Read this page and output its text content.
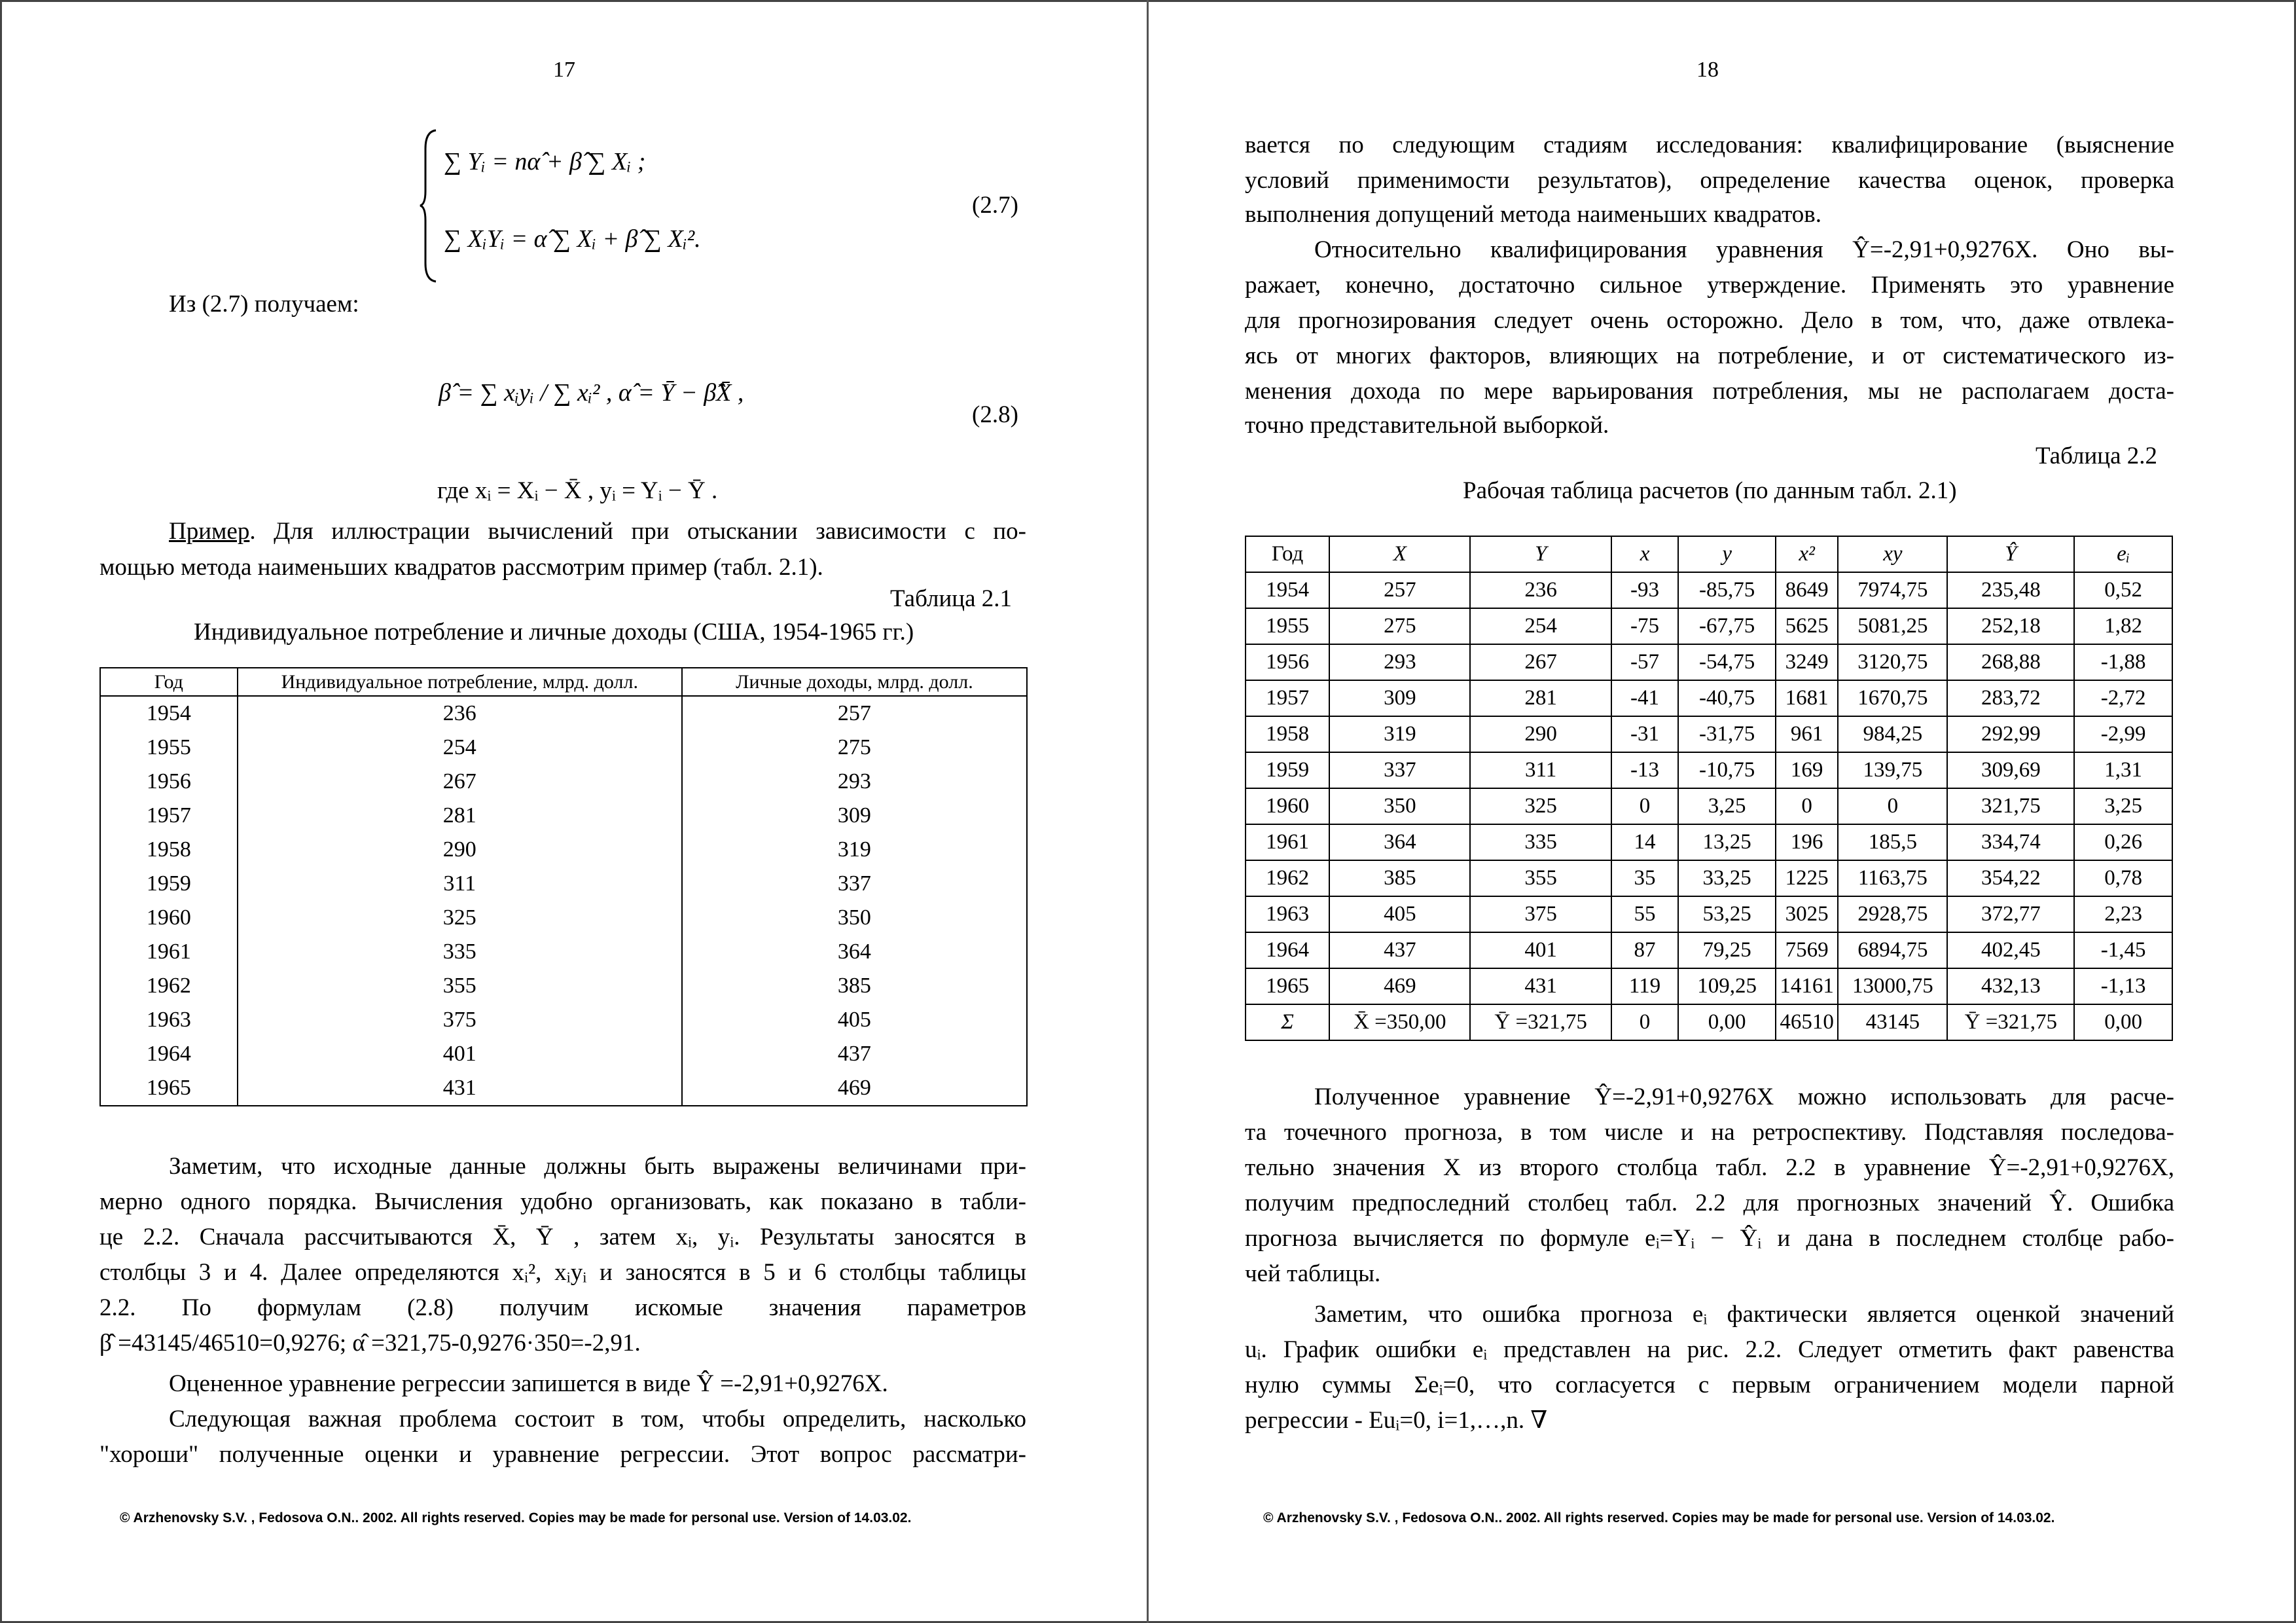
17
∑ Yᵢ = nα̂ + β̂ ∑ Xᵢ ;
∑ XᵢYᵢ = α̂ ∑ Xᵢ + β̂ ∑ Xᵢ².
(2.7)
Из (2.7) получаем:
β̂ = ∑ xᵢyᵢ / ∑ xᵢ² , α̂ = Ȳ − β̂X̄ ,
(2.8)
где xᵢ = Xᵢ − X̄ , yᵢ = Yᵢ − Ȳ .
Пример. Для иллюстрации вычислений при отыскании зависимости с по-
мощью метода наименьших квадратов рассмотрим пример (табл. 2.1).
Таблица 2.1
Индивидуальное потребление и личные доходы (США, 1954-1965 гг.)
Год	Индивидуальное потребление, млрд. долл.	Личные доходы, млрд. долл.
1954	236	257
1955	254	275
1956	267	293
1957	281	309
1958	290	319
1959	311	337
1960	325	350
1961	335	364
1962	355	385
1963	375	405
1964	401	437
1965	431	469
Заметим, что исходные данные должны быть выражены величинами при-
мерно одного порядка. Вычисления удобно организовать, как показано в табли-
це 2.2. Сначала рассчитываются X̄, Ȳ , затем xᵢ, yᵢ. Результаты заносятся в
столбцы 3 и 4. Далее определяются xᵢ², xᵢyᵢ и заносятся в 5 и 6 столбцы таблицы
2.2. По формулам (2.8) получим искомые значения параметров
β̂ =43145/46510=0,9276; α̂ =321,75-0,9276·350=-2,91.
Оцененное уравнение регрессии запишется в виде Ŷ =-2,91+0,9276X.
Следующая важная проблема состоит в том, чтобы определить, насколько
"хороши" полученные оценки и уравнение регрессии. Этот вопрос рассматри-
© Arzhenovsky S.V. , Fedosova O.N.. 2002. All rights reserved. Copies may be made for personal use. Version of 14.03.02.
18
вается по следующим стадиям исследования: квалифицирование (выяснение
условий применимости результатов), определение качества оценок, проверка
выполнения допущений метода наименьших квадратов.
Относительно квалифицирования уравнения Ŷ=-2,91+0,9276X. Оно вы-
ражает, конечно, достаточно сильное утверждение. Применять это уравнение
для прогнозирования следует очень осторожно. Дело в том, что, даже отвлека-
ясь от многих факторов, влияющих на потребление, и от систематического из-
менения дохода по мере варьирования потребления, мы не располагаем доста-
точно представительной выборкой.
Таблица 2.2
Рабочая таблица расчетов (по данным табл. 2.1)
Год	X	Y	x	y	x²	xy	Ŷ	eᵢ
1954	257	236	-93	-85,75	8649	7974,75	235,48	0,52
1955	275	254	-75	-67,75	5625	5081,25	252,18	1,82
1956	293	267	-57	-54,75	3249	3120,75	268,88	-1,88
1957	309	281	-41	-40,75	1681	1670,75	283,72	-2,72
1958	319	290	-31	-31,75	961	984,25	292,99	-2,99
1959	337	311	-13	-10,75	169	139,75	309,69	1,31
1960	350	325	0	3,25	0	0	321,75	3,25
1961	364	335	14	13,25	196	185,5	334,74	0,26
1962	385	355	35	33,25	1225	1163,75	354,22	0,78
1963	405	375	55	53,25	3025	2928,75	372,77	2,23
1964	437	401	87	79,25	7569	6894,75	402,45	-1,45
1965	469	431	119	109,25	14161	13000,75	432,13	-1,13
Σ	X̄ =350,00	Ȳ =321,75	0	0,00	46510	43145	Ȳ =321,75	0,00
Полученное уравнение Ŷ=-2,91+0,9276X можно использовать для расче-
та точечного прогноза, в том числе и на ретроспективу. Подставляя последова-
тельно значения X из второго столбца табл. 2.2 в уравнение Ŷ=-2,91+0,9276X,
получим предпоследний столбец табл. 2.2 для прогнозных значений Ŷ. Ошибка
прогноза вычисляется по формуле eᵢ=Yᵢ − Ŷᵢ и дана в последнем столбце рабо-
чей таблицы.
Заметим, что ошибка прогноза eᵢ фактически является оценкой значений
uᵢ. График ошибки eᵢ представлен на рис. 2.2. Следует отметить факт равенства
нулю суммы Σeᵢ=0, что согласуется с первым ограничением модели парной
регрессии - Euᵢ=0, i=1,…,n. ∇
© Arzhenovsky S.V. , Fedosova O.N.. 2002. All rights reserved. Copies may be made for personal use. Version of 14.03.02.
